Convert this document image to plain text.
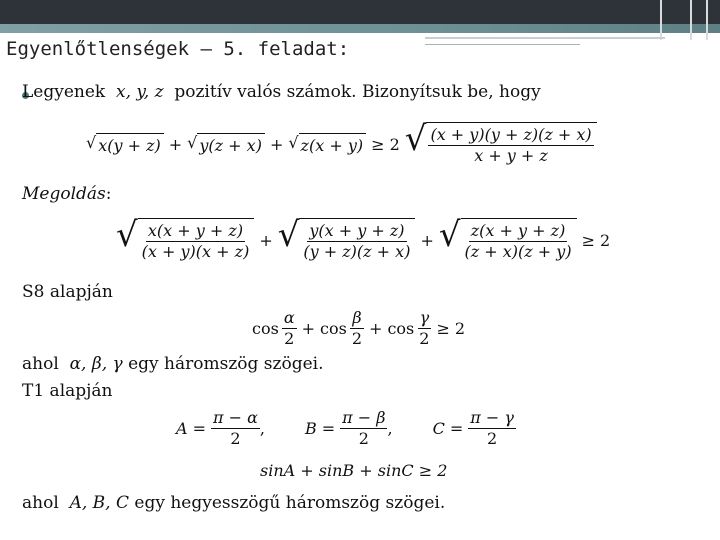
Egyenlőtlenségek – 5. feladat:
Legyenek x, y, z pozitív valós számok. Bizonyítsuk be, hogy
√ x(y + z) + √ y(z + x) + √ z(x + y) ≥ 2 √ $\frac{(x + y)(y + z)(z + x)}{x + y + z}$
Megoldás:
√ $\frac{x(x + y + z)}{(x + y)(x + z)}$ + √ $\frac{y(x + y + z)}{(y + z)(z + x)}$ + √ $\frac{z(x + y + z)}{(z + x)(z + y)} \ge 2$
S8 alapján
$\cos \frac{\alpha}{2} + \cos \frac{\beta}{2} + \cos \frac{\gamma}{2} \ge 2$
ahol α, β, γ egy háromszög szögei.
T1 alapján
$A = \frac{\pi - \alpha}{2}$ ,	$B = \frac{\pi - \beta}{2}$ ,	$C = \frac{\pi - \gamma}{2}$
sinA + sinB + sinC ≥ 2
ahol A, B, C egy hegyesszögű háromszög szögei.
